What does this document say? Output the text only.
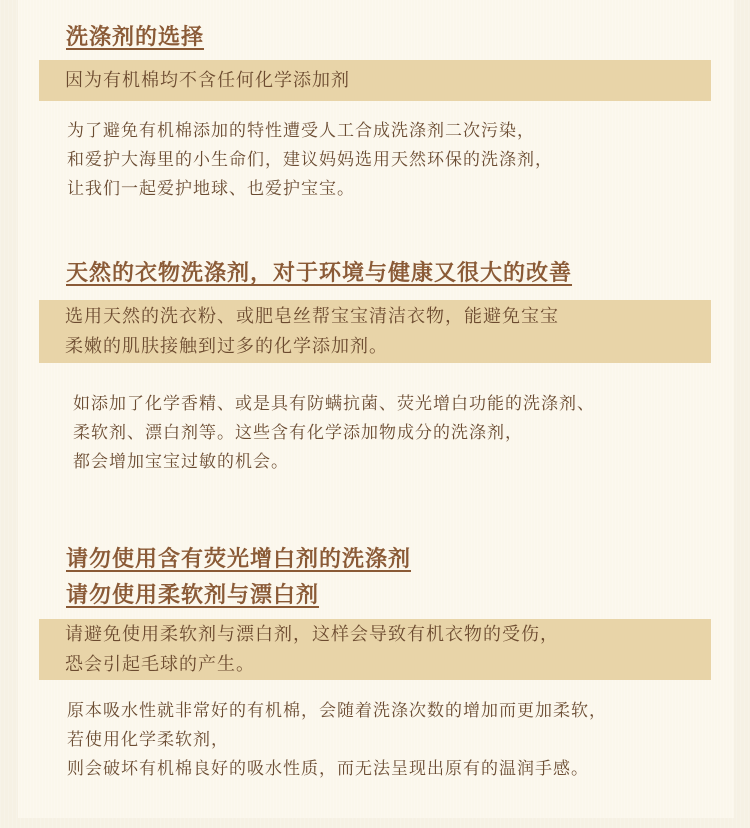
洗涤剂的选择
因为有机棉均不含任何化学添加剂
为了避免有机棉添加的特性遭受人工合成洗涤剂二次污染，
和爱护大海里的小生命们，建议妈妈选用天然环保的洗涤剂，
让我们一起爱护地球、也爱护宝宝。
天然的衣物洗涤剂，对于环境与健康又很大的改善
选用天然的洗衣粉、或肥皂丝帮宝宝清洁衣物，能避免宝宝
柔嫩的肌肤接触到过多的化学添加剂。
如添加了化学香精、或是具有防螨抗菌、荧光增白功能的洗涤剂、
柔软剂、漂白剂等。这些含有化学添加物成分的洗涤剂，
都会增加宝宝过敏的机会。
请勿使用含有荧光增白剂的洗涤剂
请勿使用柔软剂与漂白剂
请避免使用柔软剂与漂白剂，这样会导致有机衣物的受伤，
恐会引起毛球的产生。
原本吸水性就非常好的有机棉，会随着洗涤次数的增加而更加柔软，
若使用化学柔软剂，
则会破坏有机棉良好的吸水性质，而无法呈现出原有的温润手感。
